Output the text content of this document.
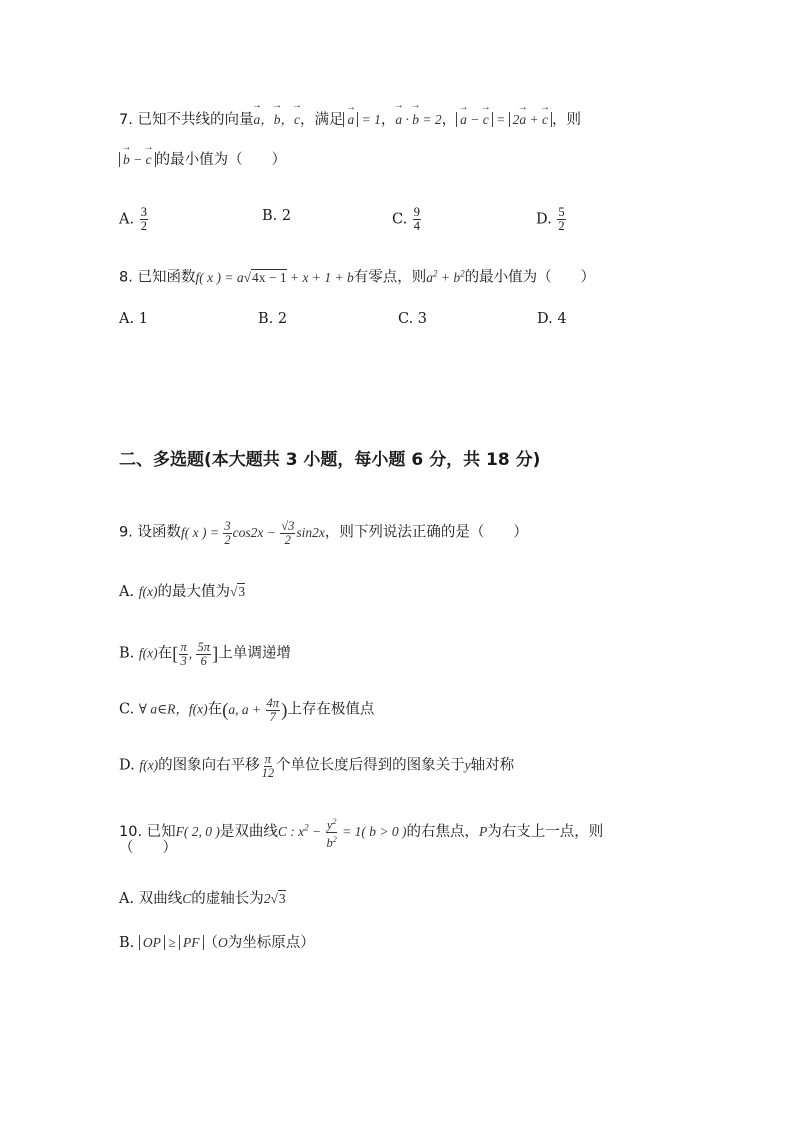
7. 已知不共线的向量→ a，→ b，→ c，满足 → a = 1，→ a · → b = 2， → a − → c = 2→ a + → c ，则
→ b − → c 的最小值为（　　）
A. $\frac{3}{2}$	B. 2	C. $\frac{9}{4}$	D. $\frac{5}{2}$
8. 已知函数f( x ) = a√4x − 1 + x + 1 + b有零点，则$a^2 + b^2$的最小值为（　　）
A. 1	B. 2	C. 3	D. 4
二、多选题(本大题共 3 小题，每小题 6 分，共 18 分)
9. 设函数f( x ) = $\frac{3}{2} \cos 2x - \frac{√3}{2} \sin 2x$，则下列说法正确的是（　　）
A. f(x)的最大值为√3
B. f(x)在[ $\frac{\pi}{3}$ , $\frac{5\pi}{6}$ ]上单调递增
C. ∀ a∈R，f(x)在(a, $a + \frac{4\pi}{7}$ )上存在极值点
D. f(x)的图象向右平移 $\frac{\pi}{12}$ 个单位长度后得到的图象关于y轴对称
10. 已知F( 2, 0 )是双曲线C : $x^2 - \frac{y^2}{b^2} = 1$( b > 0 )的右焦点，P为右支上一点，则
（　　）
A. 双曲线C的虚轴长为2√3
B. OP ≥ PF （O为坐标原点）
